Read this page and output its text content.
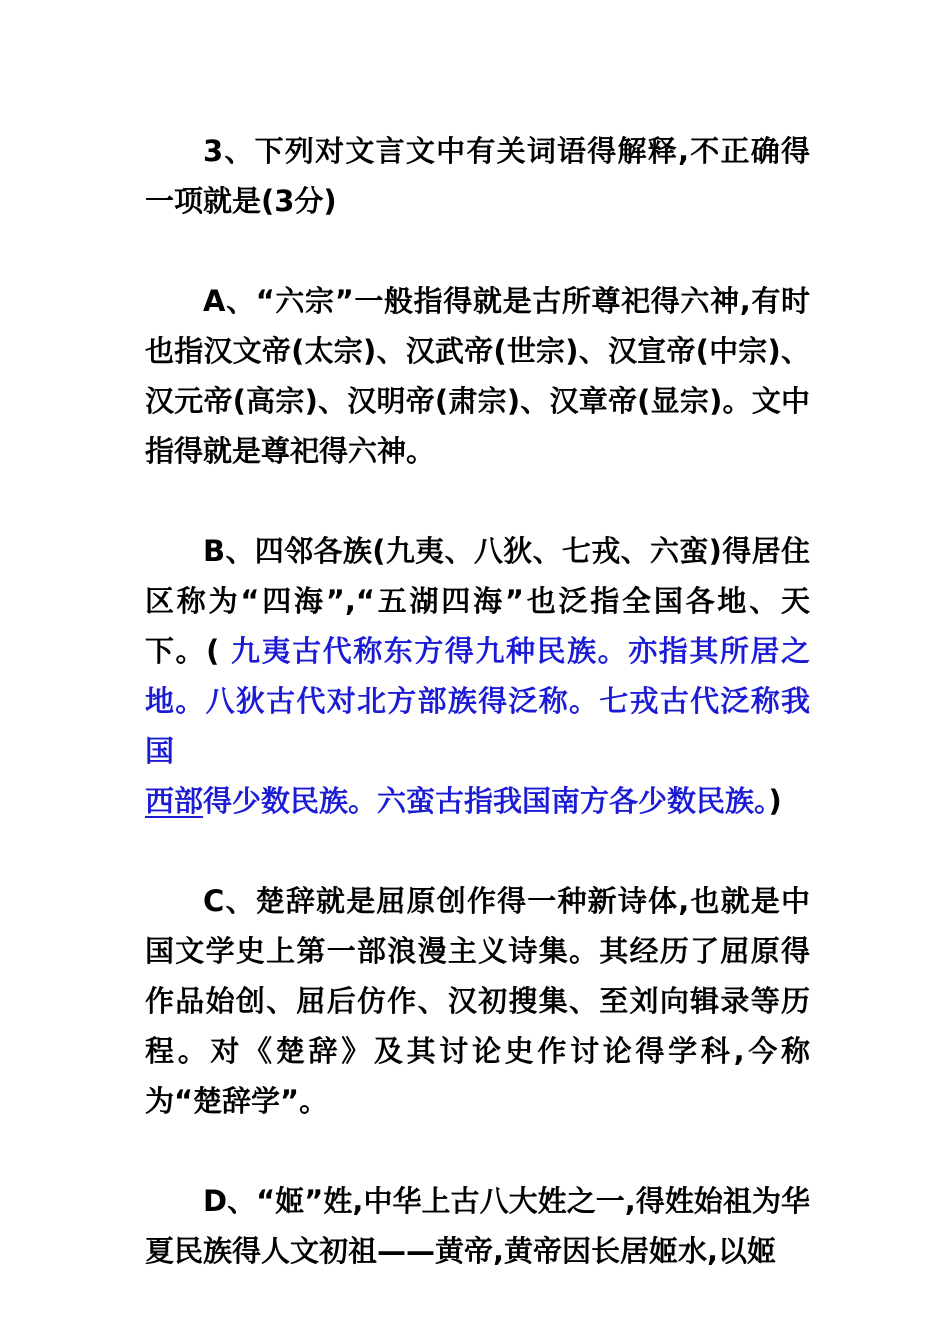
3、下列对文言文中有关词语得解释,不正确得一项就是(3分)

A、“六宗”一般指得就是古所尊祀得六神,有时也指汉文帝(太宗)、汉武帝(世宗)、汉宣帝(中宗)、汉元帝(高宗)、汉明帝(肃宗)、汉章帝(显宗)。文中指得就是尊祀得六神。

B、四邻各族(九夷、八狄、七戎、六蛮)得居住区称为“四海”,“五湖四海”也泛指全国各地、天下。( 九夷古代称东方得九种民族。亦指其所居之地。八狄古代对北方部族得泛称。七戎古代泛称我国
西部得少数民族。六蛮古指我国南方各少数民族。)

C、楚辞就是屈原创作得一种新诗体,也就是中国文学史上第一部浪漫主义诗集。其经历了屈原得作品始创、屈后仿作、汉初搜集、至刘向辑录等历程。对《楚辞》及其讨论史作讨论得学科,今称为“楚辞学”。

D、“姬”姓,中华上古八大姓之一,得姓始祖为华夏民族得人文初祖——黄帝,黄帝因长居姬水,以姬
